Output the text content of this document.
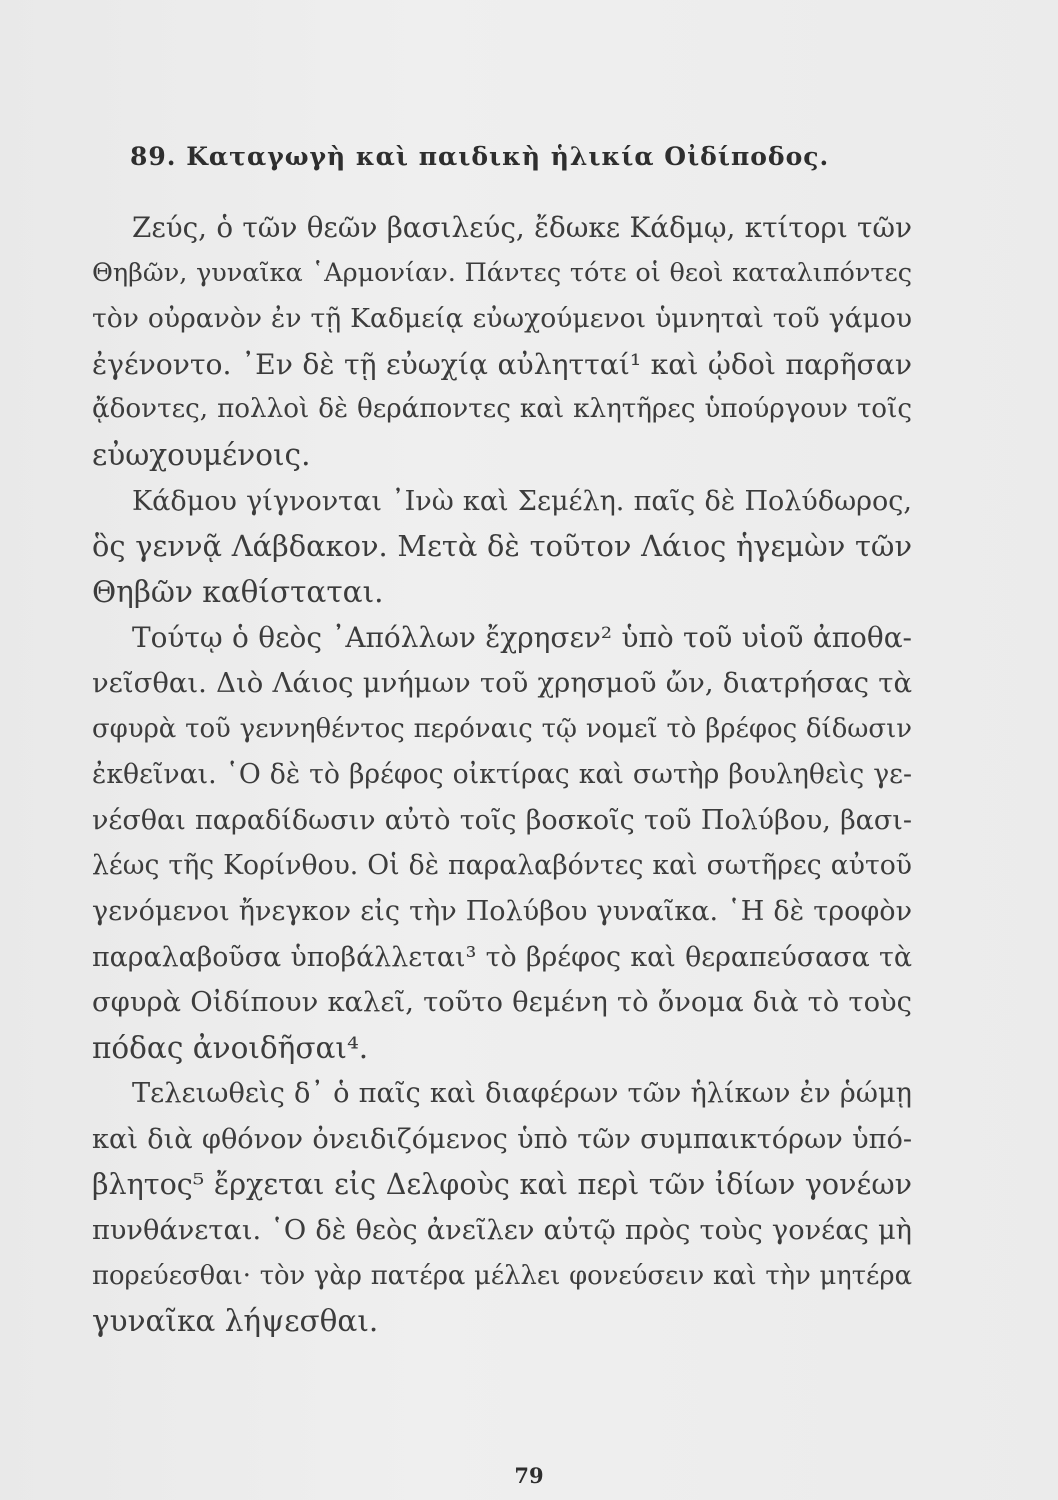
89. Καταγωγὴ καὶ παιδικὴ ἡλικία Οἰδίποδος.
Ζεύς, ὁ τῶν θεῶν βασιλεύς, ἔδωκε Κάδμῳ, κτίτορι τῶν
Θηβῶν, γυναῖκα ῾Αρμονίαν. Πάντες τότε οἱ θεοὶ καταλιπόντες
τὸν οὐρανὸν ἐν τῇ Καδμείᾳ εὐωχούμενοι ὑμνηταὶ τοῦ γάμου
ἐγένοντο. ᾿Εν δὲ τῇ εὐωχίᾳ αὐλητταί¹ καὶ ᾠδοὶ παρῆσαν
ᾄδοντες, πολλοὶ δὲ θεράποντες καὶ κλητῆρες ὑπούργουν τοῖς
εὐωχουμένοις.
Κάδμου γίγνονται ᾿Ινὼ καὶ Σεμέλη. παῖς δὲ Πολύδωρος,
ὃς γεννᾷ Λάβδακον. Μετὰ δὲ τοῦτον Λάιος ἡγεμὼν τῶν
Θηβῶν καθίσταται.
Τούτῳ ὁ θεὸς ᾿Απόλλων ἔχρησεν² ὑπὸ τοῦ υἱοῦ ἀποθα-
νεῖσθαι. Διὸ Λάιος μνήμων τοῦ χρησμοῦ ὤν, διατρήσας τὰ
σφυρὰ τοῦ γεννηθέντος περόναις τῷ νομεῖ τὸ βρέφος δίδωσιν
ἐκθεῖναι. ῾Ο δὲ τὸ βρέφος οἰκτίρας καὶ σωτὴρ βουληθεὶς γε-
νέσθαι παραδίδωσιν αὐτὸ τοῖς βοσκοῖς τοῦ Πολύβου, βασι-
λέως τῆς Κορίνθου. Οἱ δὲ παραλαβόντες καὶ σωτῆρες αὐτοῦ
γενόμενοι ἤνεγκον εἰς τὴν Πολύβου γυναῖκα. ῾Η δὲ τροφὸν
παραλαβοῦσα ὑποβάλλεται³ τὸ βρέφος καὶ θεραπεύσασα τὰ
σφυρὰ Οἰδίπουν καλεῖ, τοῦτο θεμένη τὸ ὄνομα διὰ τὸ τοὺς
πόδας ἀνοιδῆσαι⁴.
Τελειωθεὶς δ᾿ ὁ παῖς καὶ διαφέρων τῶν ἡλίκων ἐν ῥώμῃ
καὶ διὰ φθόνον ὀνειδιζόμενος ὑπὸ τῶν συμπαικτόρων ὑπό-
βλητος⁵ ἔρχεται εἰς Δελφοὺς καὶ περὶ τῶν ἰδίων γονέων
πυνθάνεται. ῾Ο δὲ θεὸς ἀνεῖλεν αὐτῷ πρὸς τοὺς γονέας μὴ
πορεύεσθαι· τὸν γὰρ πατέρα μέλλει φονεύσειν καὶ τὴν μητέρα
γυναῖκα λήψεσθαι.
79
